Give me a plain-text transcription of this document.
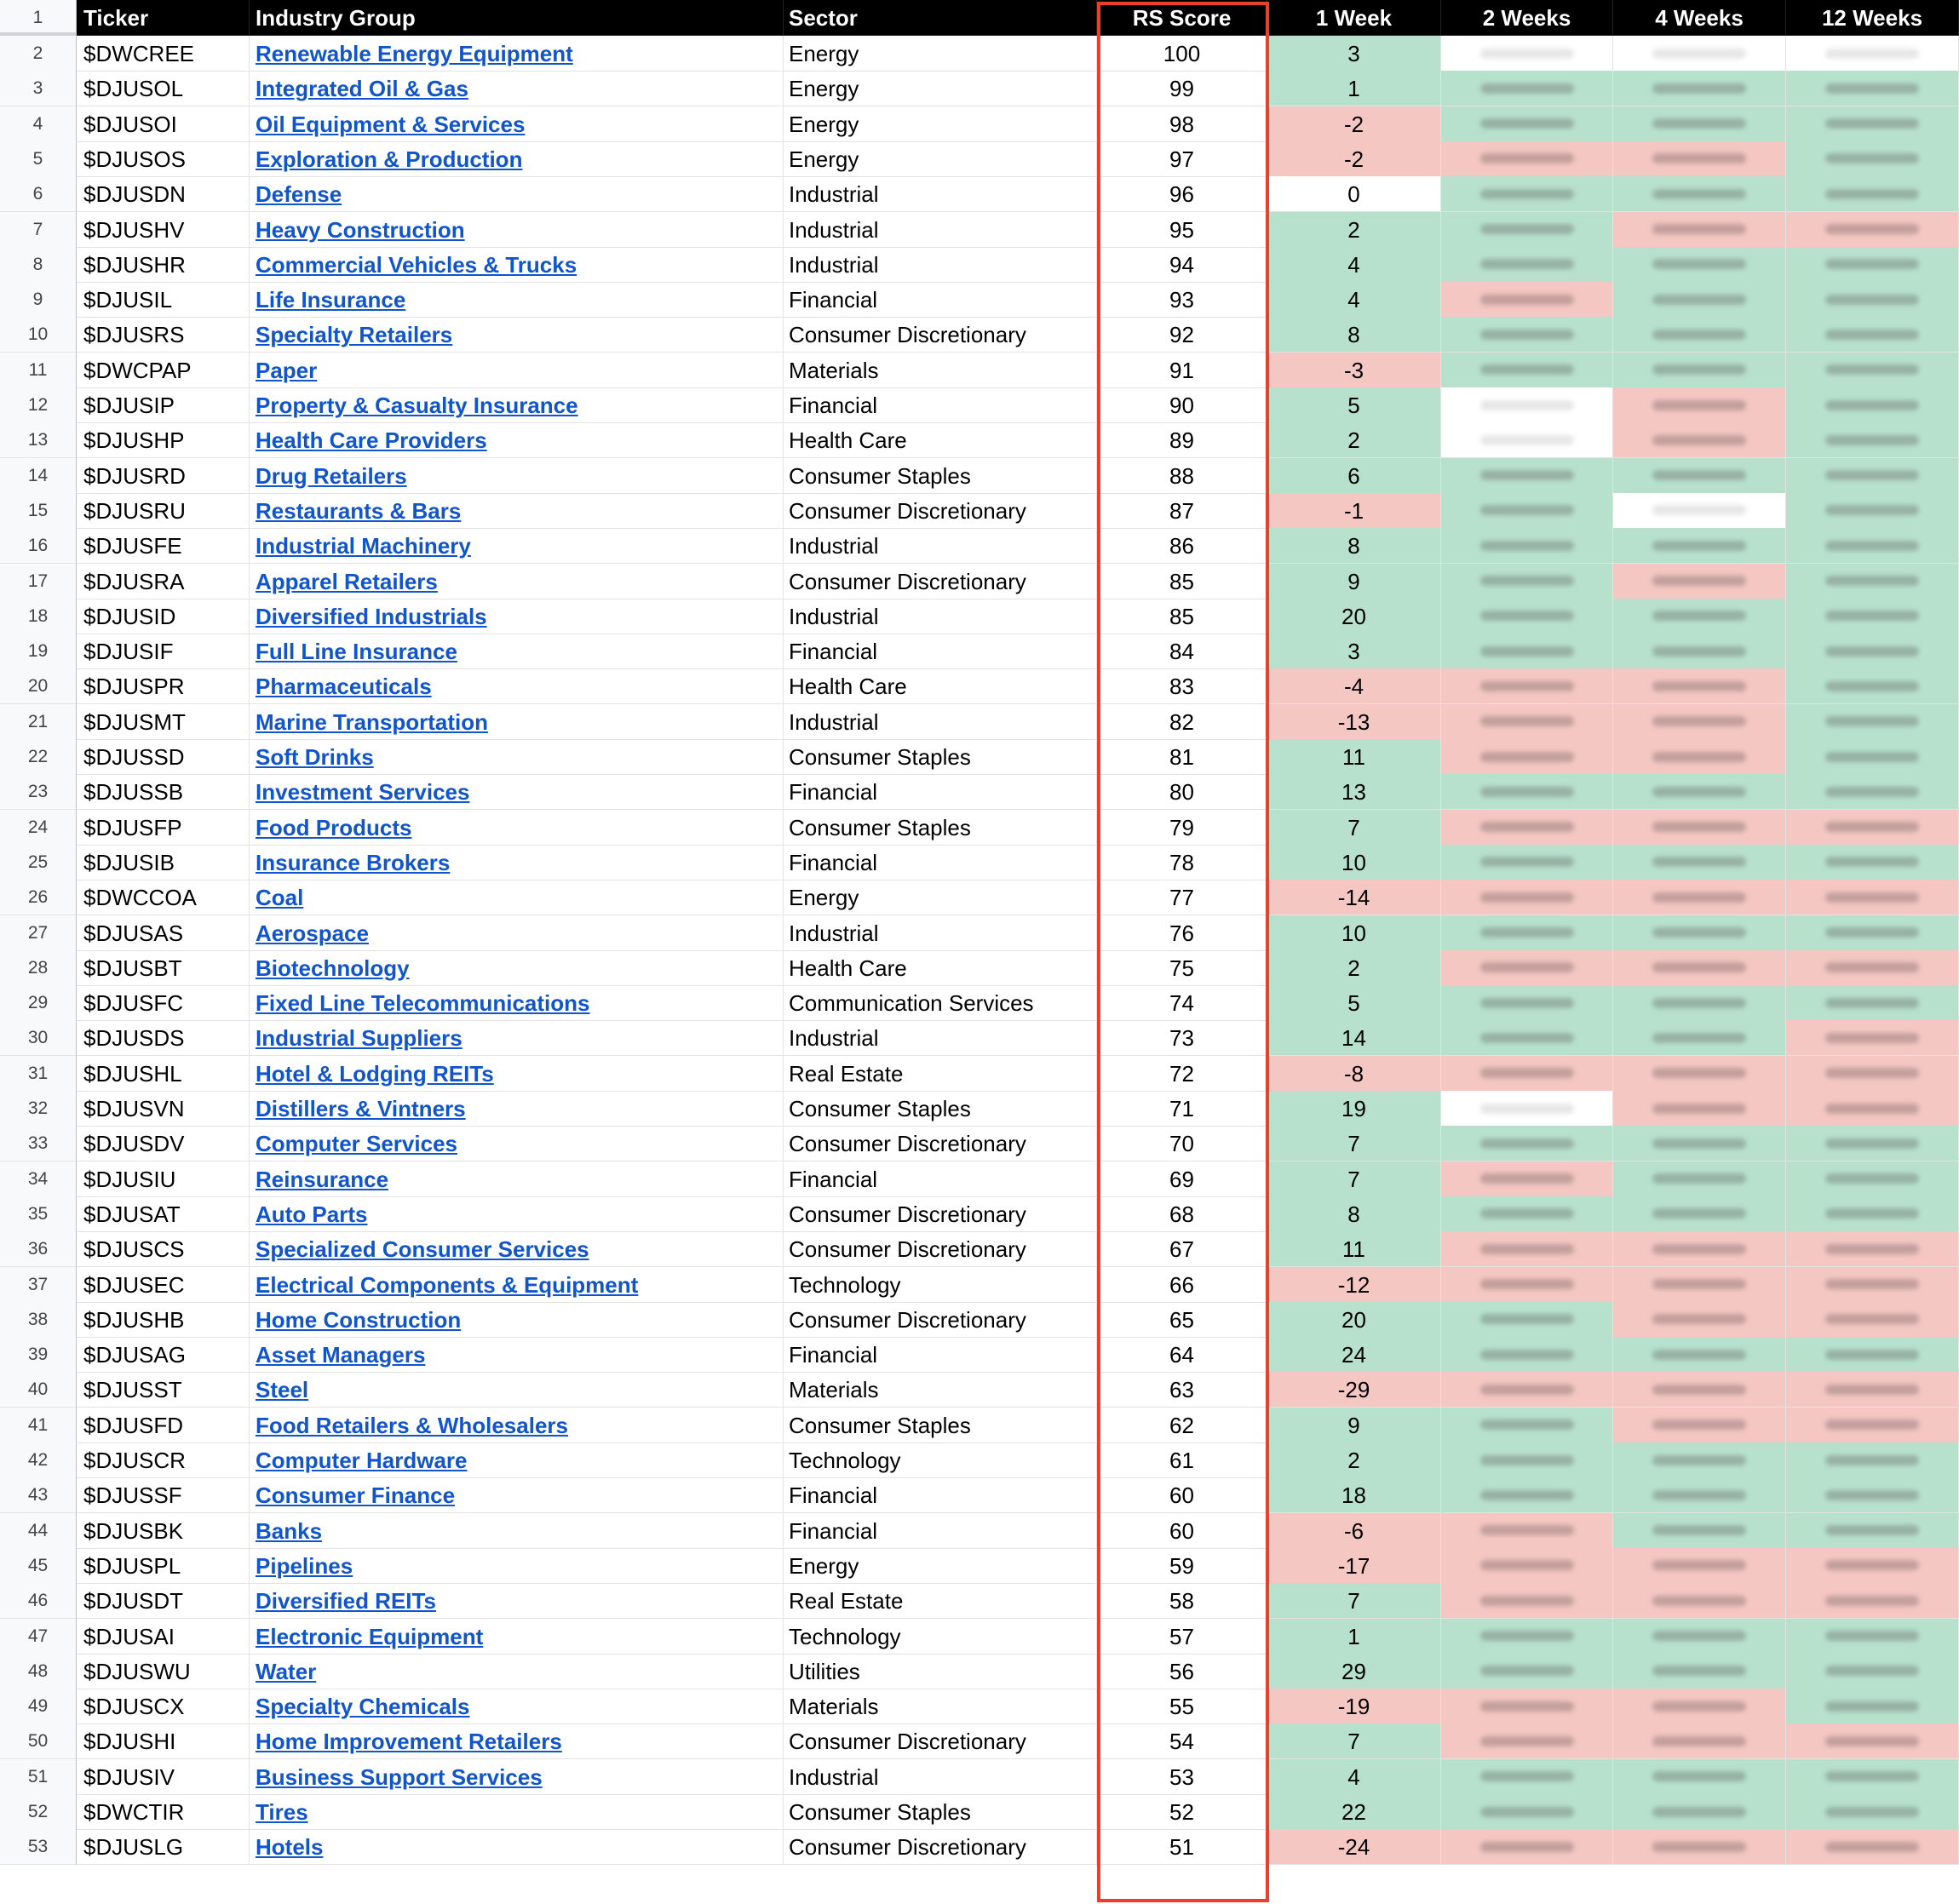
1	Ticker	Industry Group	Sector	RS Score	1 Week	2 Weeks	4 Weeks	12 Weeks
2	$DWCREE	Renewable Energy Equipment	Energy	100	3
3	$DJUSOL	Integrated Oil & Gas	Energy	99	1
4	$DJUSOI	Oil Equipment & Services	Energy	98	-2
5	$DJUSOS	Exploration & Production	Energy	97	-2
6	$DJUSDN	Defense	Industrial	96	0
7	$DJUSHV	Heavy Construction	Industrial	95	2
8	$DJUSHR	Commercial Vehicles & Trucks	Industrial	94	4
9	$DJUSIL	Life Insurance	Financial	93	4
10	$DJUSRS	Specialty Retailers	Consumer Discretionary	92	8
11	$DWCPAP	Paper	Materials	91	-3
12	$DJUSIP	Property & Casualty Insurance	Financial	90	5
13	$DJUSHP	Health Care Providers	Health Care	89	2
14	$DJUSRD	Drug Retailers	Consumer Staples	88	6
15	$DJUSRU	Restaurants & Bars	Consumer Discretionary	87	-1
16	$DJUSFE	Industrial Machinery	Industrial	86	8
17	$DJUSRA	Apparel Retailers	Consumer Discretionary	85	9
18	$DJUSID	Diversified Industrials	Industrial	85	20
19	$DJUSIF	Full Line Insurance	Financial	84	3
20	$DJUSPR	Pharmaceuticals	Health Care	83	-4
21	$DJUSMT	Marine Transportation	Industrial	82	-13
22	$DJUSSD	Soft Drinks	Consumer Staples	81	11
23	$DJUSSB	Investment Services	Financial	80	13
24	$DJUSFP	Food Products	Consumer Staples	79	7
25	$DJUSIB	Insurance Brokers	Financial	78	10
26	$DWCCOA	Coal	Energy	77	-14
27	$DJUSAS	Aerospace	Industrial	76	10
28	$DJUSBT	Biotechnology	Health Care	75	2
29	$DJUSFC	Fixed Line Telecommunications	Communication Services	74	5
30	$DJUSDS	Industrial Suppliers	Industrial	73	14
31	$DJUSHL	Hotel & Lodging REITs	Real Estate	72	-8
32	$DJUSVN	Distillers & Vintners	Consumer Staples	71	19
33	$DJUSDV	Computer Services	Consumer Discretionary	70	7
34	$DJUSIU	Reinsurance	Financial	69	7
35	$DJUSAT	Auto Parts	Consumer Discretionary	68	8
36	$DJUSCS	Specialized Consumer Services	Consumer Discretionary	67	11
37	$DJUSEC	Electrical Components & Equipment	Technology	66	-12
38	$DJUSHB	Home Construction	Consumer Discretionary	65	20
39	$DJUSAG	Asset Managers	Financial	64	24
40	$DJUSST	Steel	Materials	63	-29
41	$DJUSFD	Food Retailers & Wholesalers	Consumer Staples	62	9
42	$DJUSCR	Computer Hardware	Technology	61	2
43	$DJUSSF	Consumer Finance	Financial	60	18
44	$DJUSBK	Banks	Financial	60	-6
45	$DJUSPL	Pipelines	Energy	59	-17
46	$DJUSDT	Diversified REITs	Real Estate	58	7
47	$DJUSAI	Electronic Equipment	Technology	57	1
48	$DJUSWU	Water	Utilities	56	29
49	$DJUSCX	Specialty Chemicals	Materials	55	-19
50	$DJUSHI	Home Improvement Retailers	Consumer Discretionary	54	7
51	$DJUSIV	Business Support Services	Industrial	53	4
52	$DWCTIR	Tires	Consumer Staples	52	22
53	$DJUSLG	Hotels	Consumer Discretionary	51	-24
